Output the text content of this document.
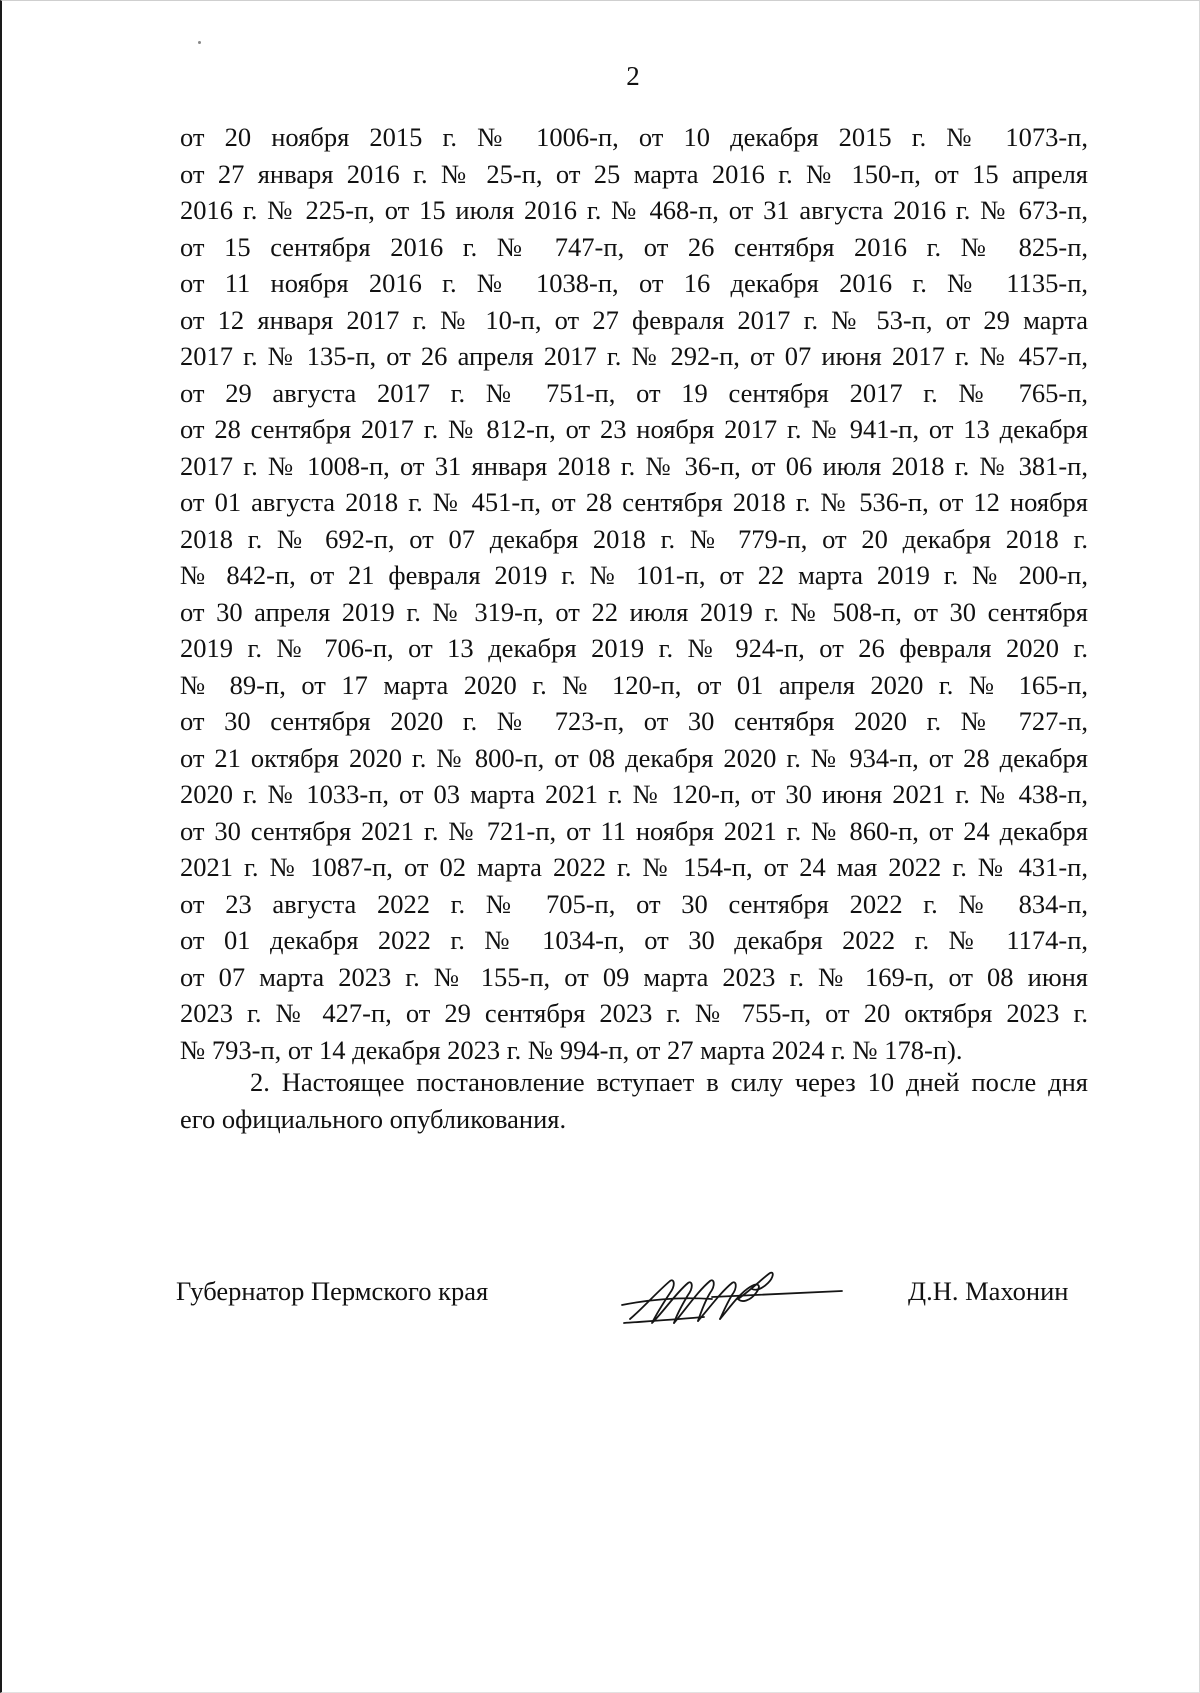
2
от 20 ноября 2015 г. № 1006-п, от 10 декабря 2015 г. № 1073-п,
от 27 января 2016 г. № 25-п, от 25 марта 2016 г. № 150-п, от 15 апреля
2016 г. № 225-п, от 15 июля 2016 г. № 468-п, от 31 августа 2016 г. № 673-п,
от 15 сентября 2016 г. № 747-п, от 26 сентября 2016 г. № 825-п,
от 11 ноября 2016 г. № 1038-п, от 16 декабря 2016 г. № 1135-п,
от 12 января 2017 г. № 10-п, от 27 февраля 2017 г. № 53-п, от 29 марта
2017 г. № 135-п, от 26 апреля 2017 г. № 292-п, от 07 июня 2017 г. № 457-п,
от 29 августа 2017 г. № 751-п, от 19 сентября 2017 г. № 765-п,
от 28 сентября 2017 г. № 812-п, от 23 ноября 2017 г. № 941-п, от 13 декабря
2017 г. № 1008-п, от 31 января 2018 г. № 36-п, от 06 июля 2018 г. № 381-п,
от 01 августа 2018 г. № 451-п, от 28 сентября 2018 г. № 536-п, от 12 ноября
2018 г. № 692-п, от 07 декабря 2018 г. № 779-п, от 20 декабря 2018 г.
№ 842-п, от 21 февраля 2019 г. № 101-п, от 22 марта 2019 г. № 200-п,
от 30 апреля 2019 г. № 319-п, от 22 июля 2019 г. № 508-п, от 30 сентября
2019 г. № 706-п, от 13 декабря 2019 г. № 924-п, от 26 февраля 2020 г.
№ 89-п, от 17 марта 2020 г. № 120-п, от 01 апреля 2020 г. № 165-п,
от 30 сентября 2020 г. № 723-п, от 30 сентября 2020 г. № 727-п,
от 21 октября 2020 г. № 800-п, от 08 декабря 2020 г. № 934-п, от 28 декабря
2020 г. № 1033-п, от 03 марта 2021 г. № 120-п, от 30 июня 2021 г. № 438-п,
от 30 сентября 2021 г. № 721-п, от 11 ноября 2021 г. № 860-п, от 24 декабря
2021 г. № 1087-п, от 02 марта 2022 г. № 154-п, от 24 мая 2022 г. № 431-п,
от 23 августа 2022 г. № 705-п, от 30 сентября 2022 г. № 834-п,
от 01 декабря 2022 г. № 1034-п, от 30 декабря 2022 г. № 1174-п,
от 07 марта 2023 г. № 155-п, от 09 марта 2023 г. № 169-п, от 08 июня
2023 г. № 427-п, от 29 сентября 2023 г. № 755-п, от 20 октября 2023 г.
№ 793-п, от 14 декабря 2023 г. № 994-п, от 27 марта 2024 г. № 178-п).
2. Настоящее постановление вступает в силу через 10 дней после дня
его официального опубликования.
Губернатор Пермского края	Д.Н. Махонин
